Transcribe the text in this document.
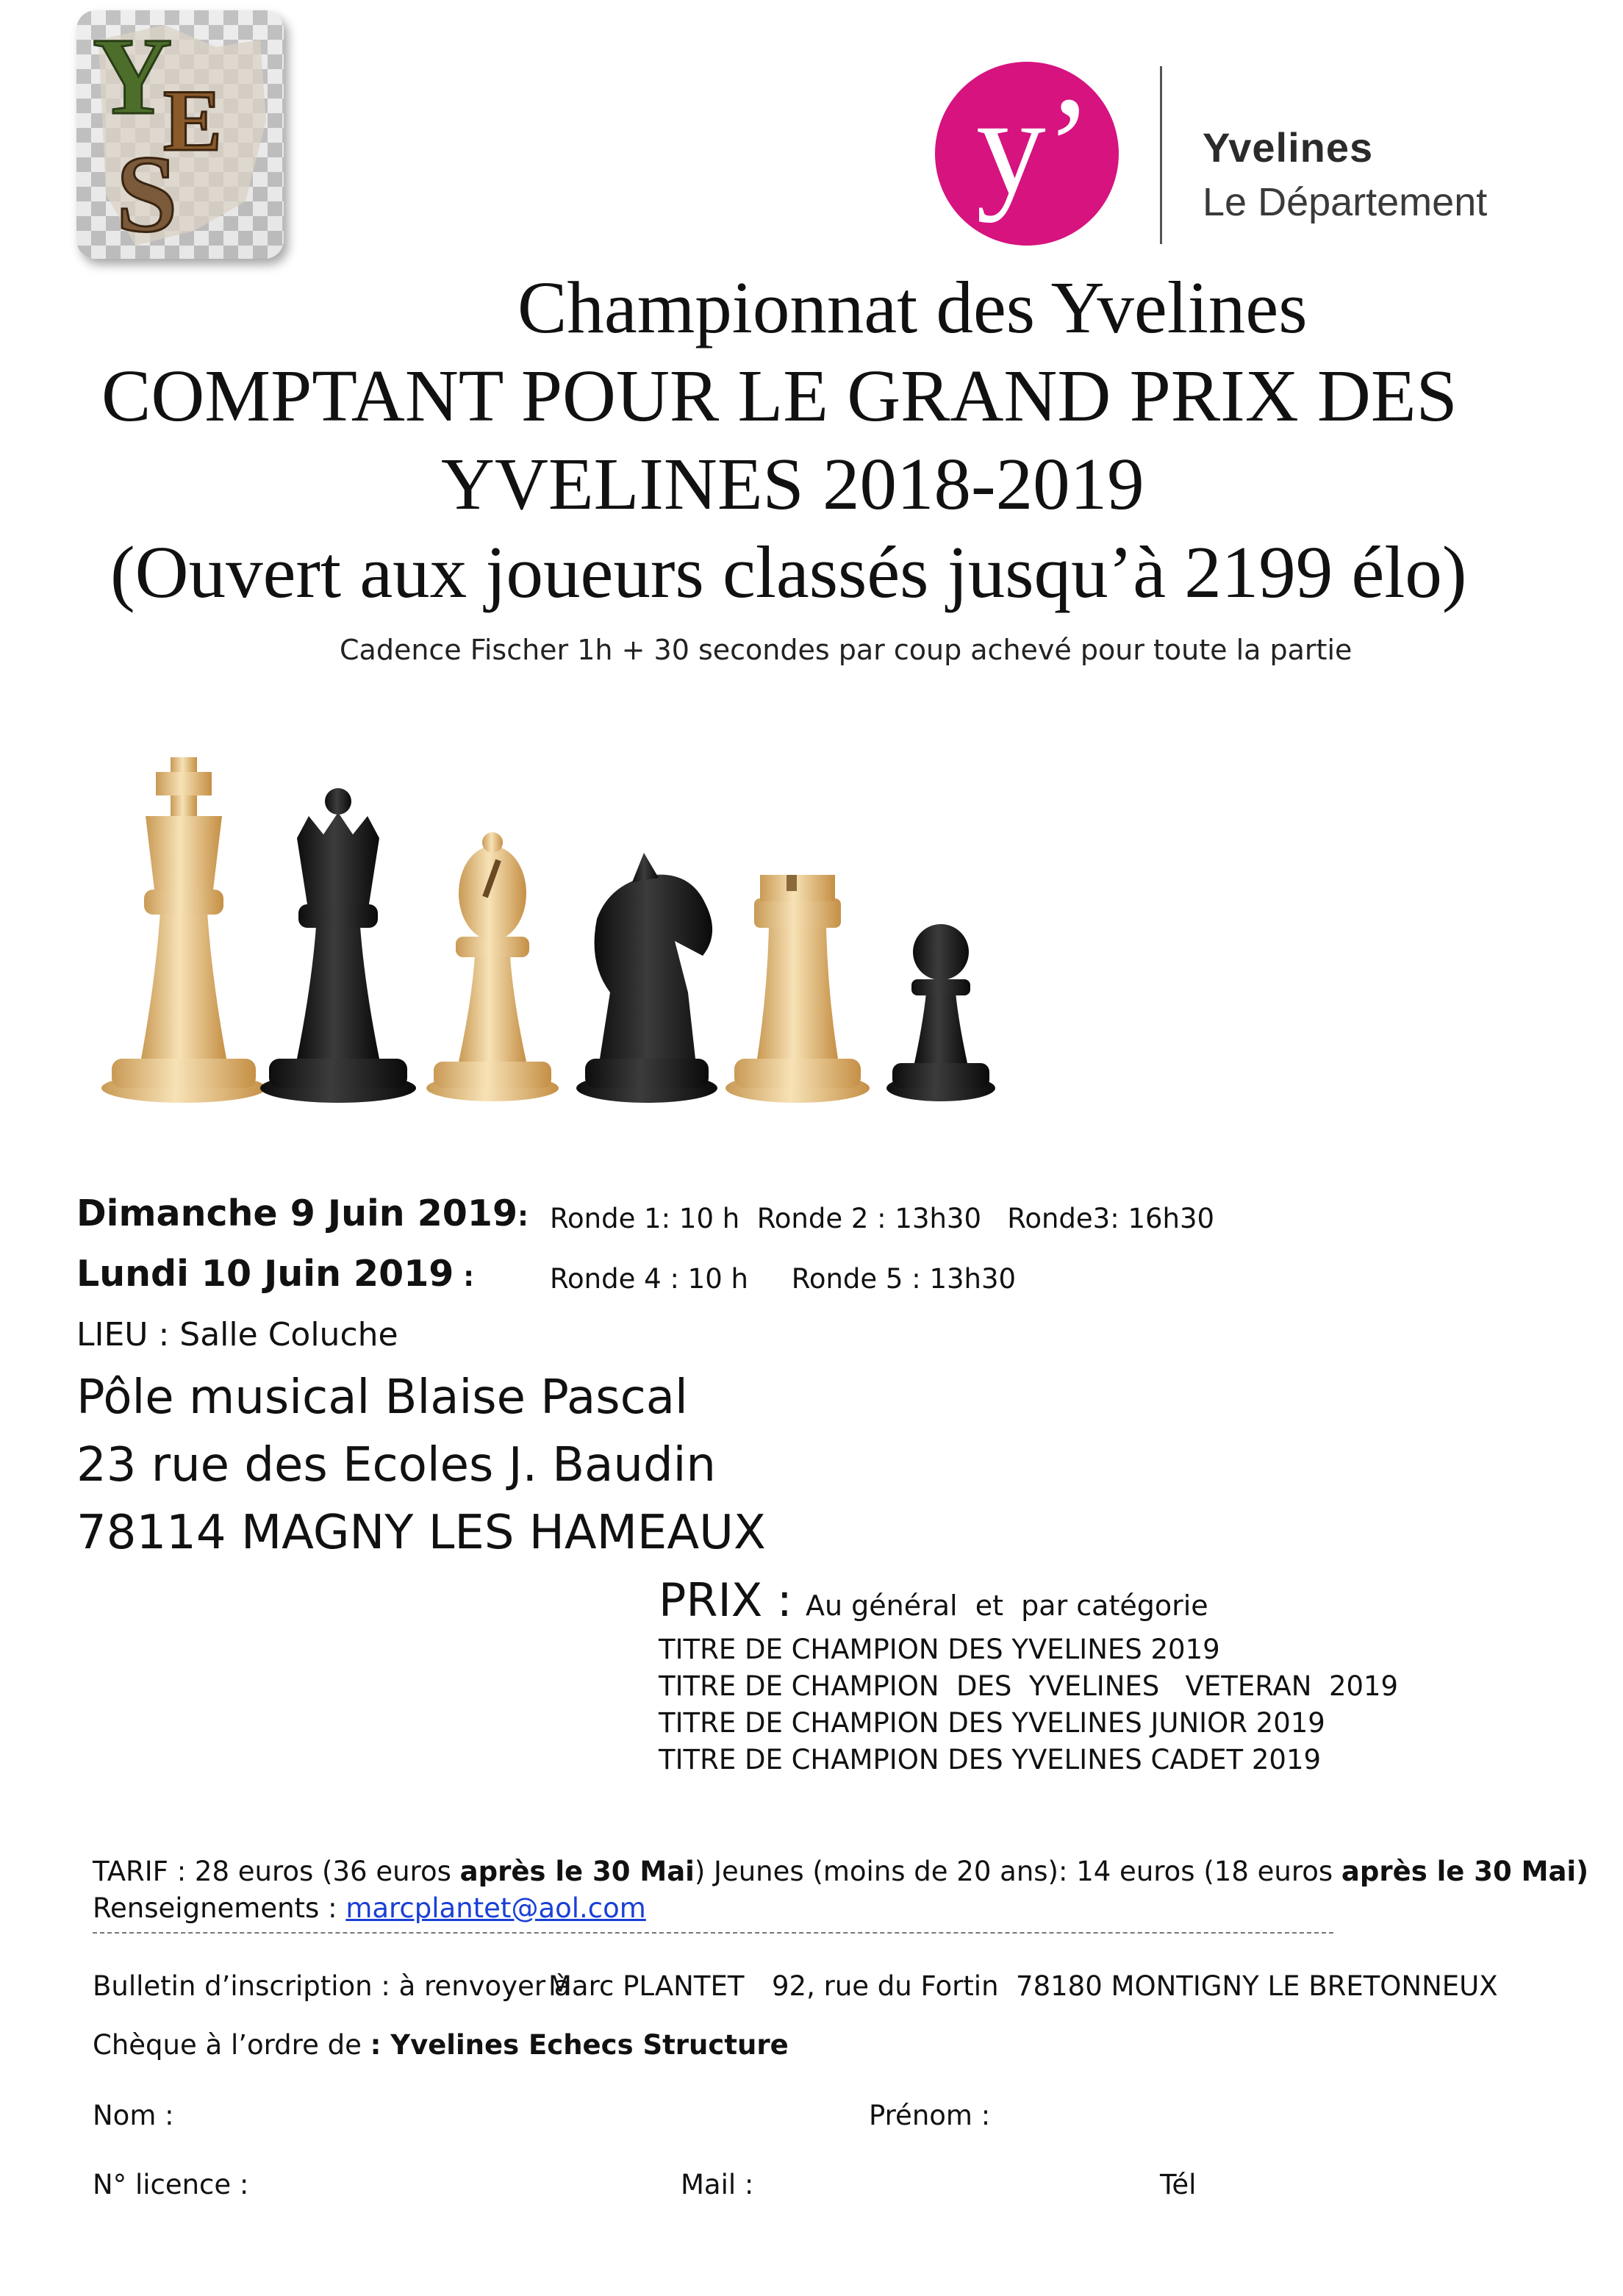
Y
E
S	y’	Yvelines
Le Département
Championnat des Yvelines
COMPTANT POUR LE GRAND PRIX DES
YVELINES 2018-2019
(Ouvert aux joueurs classés jusqu’à 2199 élo)
Cadence Fischer 1h + 30 secondes par coup achevé pour toute la partie
Dimanche 9 Juin 2019: Ronde 1: 10 h  Ronde 2 : 13h30   Ronde3: 16h30
Lundi 10 Juin 2019 :	Ronde 4 : 10 h     Ronde 5 : 13h30
LIEU : Salle Coluche
Pôle musical Blaise Pascal
23 rue des Ecoles J. Baudin
78114 MAGNY LES HAMEAUX
PRIX : Au général  et  par catégorie
TITRE DE CHAMPION DES YVELINES 2019
TITRE DE CHAMPION  DES  YVELINES   VETERAN  2019
TITRE DE CHAMPION DES YVELINES JUNIOR 2019
TITRE DE CHAMPION DES YVELINES CADET 2019
TARIF : 28 euros (36 euros après le 30 Mai) Jeunes (moins de 20 ans): 14 euros (18 euros après le 30 Mai)
Renseignements : marcplantet@aol.com
Bulletin d’inscription : à renvoyer à
Marc PLANTET 92, rue du Fortin  78180 MONTIGNY LE BRETONNEUX
Chèque à l’ordre de : Yvelines Echecs Structure
Nom :	Prénom :
N° licence :	Mail :	Tél
